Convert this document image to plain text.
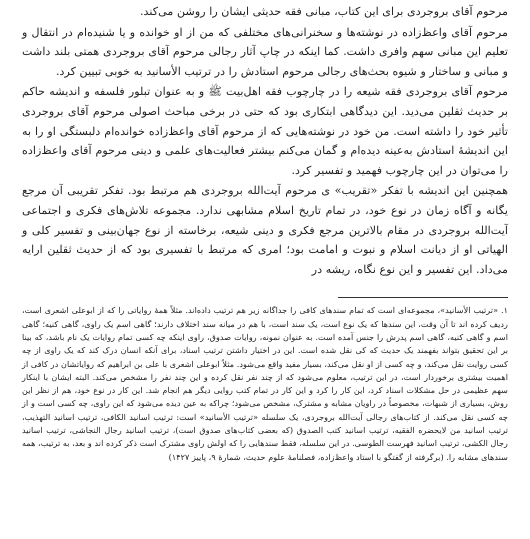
مرحوم آقای بروجردی برای این کتاب، مبانی فقه حدیثی ایشان را روشن می‌کند.

مرحوم آقای واعظ‌زاده در نوشته‌ها و سخنرانی‌های مختلفی که من از او خوانده و یا شنیده‌ام در انتقال و تعلیم این مبانی سهم وافری داشت. کما اینکه در چاپ آثار رجالی مرحوم آقای بروجردی همتی بلند داشت و مبانی و ساختار و شیوه بحث‌های رجالی مرحوم استادش را در ترتیب الأسانید به خوبی تبیین کرد.

مرحوم آقای بروجردی فقه شیعه را در چارچوب فقه اهل‌بیت ﷺ و به عنوان تبلور فلسفه و اندیشه حاکم بر حدیث ثقلین می‌دید. این دیدگاهی ابتکاری بود که حتی در برخی مباحث اصولی مرحوم آقای بروجردی تأثیر خود را داشته است. من خود در نوشته‌هایی که از مرحوم آقای واعظ‌زاده خوانده‌ام دلبستگی او را به این اندیشهٔ استادش به‌عینه دیده‌ام و گمان می‌کنم بیشتر فعالیت‌های علمی و دینی مرحوم آقای واعظ‌زاده را می‌توان در این چارچوب فهمید و تفسیر کرد.

همچنین این اندیشه با تفکر «تقریب» ی مرحوم آیت‌الله بروجردی هم مرتبط بود. تفکر تقریبی آن مرجع یگانه و آگاه زمان در نوع خود، در تمام تاریخ اسلام مشابهی ندارد. مجموعه تلاش‌های فکری و اجتماعی آیت‌الله بروجردی در مقام بالاترین مرجع فکری و دینی شیعه، برخاسته از نوع جهان‌بینی و تفسیر کلی و الهیاتی او از دیانت اسلام و نبوت و امامت بود؛ امری که مرتبط با تفسیری بود که از حدیث ثقلین ارایه می‌داد. این تفسیر و این نوع نگاه، ریشه در

۱. «ترتیب الأسانید»، مجموعه‌ای است که تمام سندهای کافی را جداگانه زیر هم ترتیب داده‌اند. مثلاً همهٔ روایاتی را که از ابوعلی اشعری است، ردیف کرده اند تا آن وقت، این سندها که یک نوع است، یک سند است، با هم در میانه سند اختلاف دارند؛ گاهی اسم یک راوی، گاهی کنیه؛ گاهی اسم و گاهی کنیه، گاهی اسم پدرش را جنس آمده است. به عنوان نمونه، روایات صدوق، راوی اینکه چه کسی تمام روایات یک نام باشد، که بینا بر این تحقیق بتواند بفهمند یک حدیث که کی نقل شده است. این در اختیار داشتن ترتیب اسناد، برای آنکه انسان درک کند که یک راوی از چه کسی روایت نقل می‌کند، و چه کسی از او نقل می‌کند، بسیار مفید واقع می‌شود. مثلاً ابوعلی اشعری با علی بن ابراهیم که روایاتشان در کافی از اهمیت بیشتری برخوردار است، در این ترتیب، معلوم می‌شود که از چند نفر نقل کرده و این چند نفر را مشخص می‌کند. البته ایشان با اینکار سهم عظیمی در حل مشکلات اسناد کرد، این کار را کرد و این کار در تمام کتب روایی دیگر هم انجام شد. این کار در نوع خود، هم از نظر این روش، بسیاری از شبهات، مخصوصاً در راویان مشابه و مشترک، مشخص می‌شود؛ چراکه به عین دیده می‌شود که این راوی، چه کسی است و از چه کسی نقل می‌کند. از کتاب‌های رجالی آیت‌الله بروجردی، یک سلسله «ترتیب الأسانید» است: ترتیب اسانید الکافی، ترتیب اسانید التهذیب، ترتیب اسانید من لایحضره الفقیه، ترتیب اسانید کتب الصدوق (که بعضی کتاب‌های صدوق است)، ترتیب اسانید رجال النجاشی، ترتیب اسانید رجال الکشی، ترتیب اسانید فهرست الطوسی. در این سلسله، فقط سندهایی را که اولش راوی مشترک است ذکر کرده اند و بعد، به ترتیب، همه سندهای مشابه را. (برگرفته از گفتگو با استاد واعظ‌زاده، فصلنامهٔ علوم حدیث، شمارهٔ ۹، پاییز ۱۴۲۷)
